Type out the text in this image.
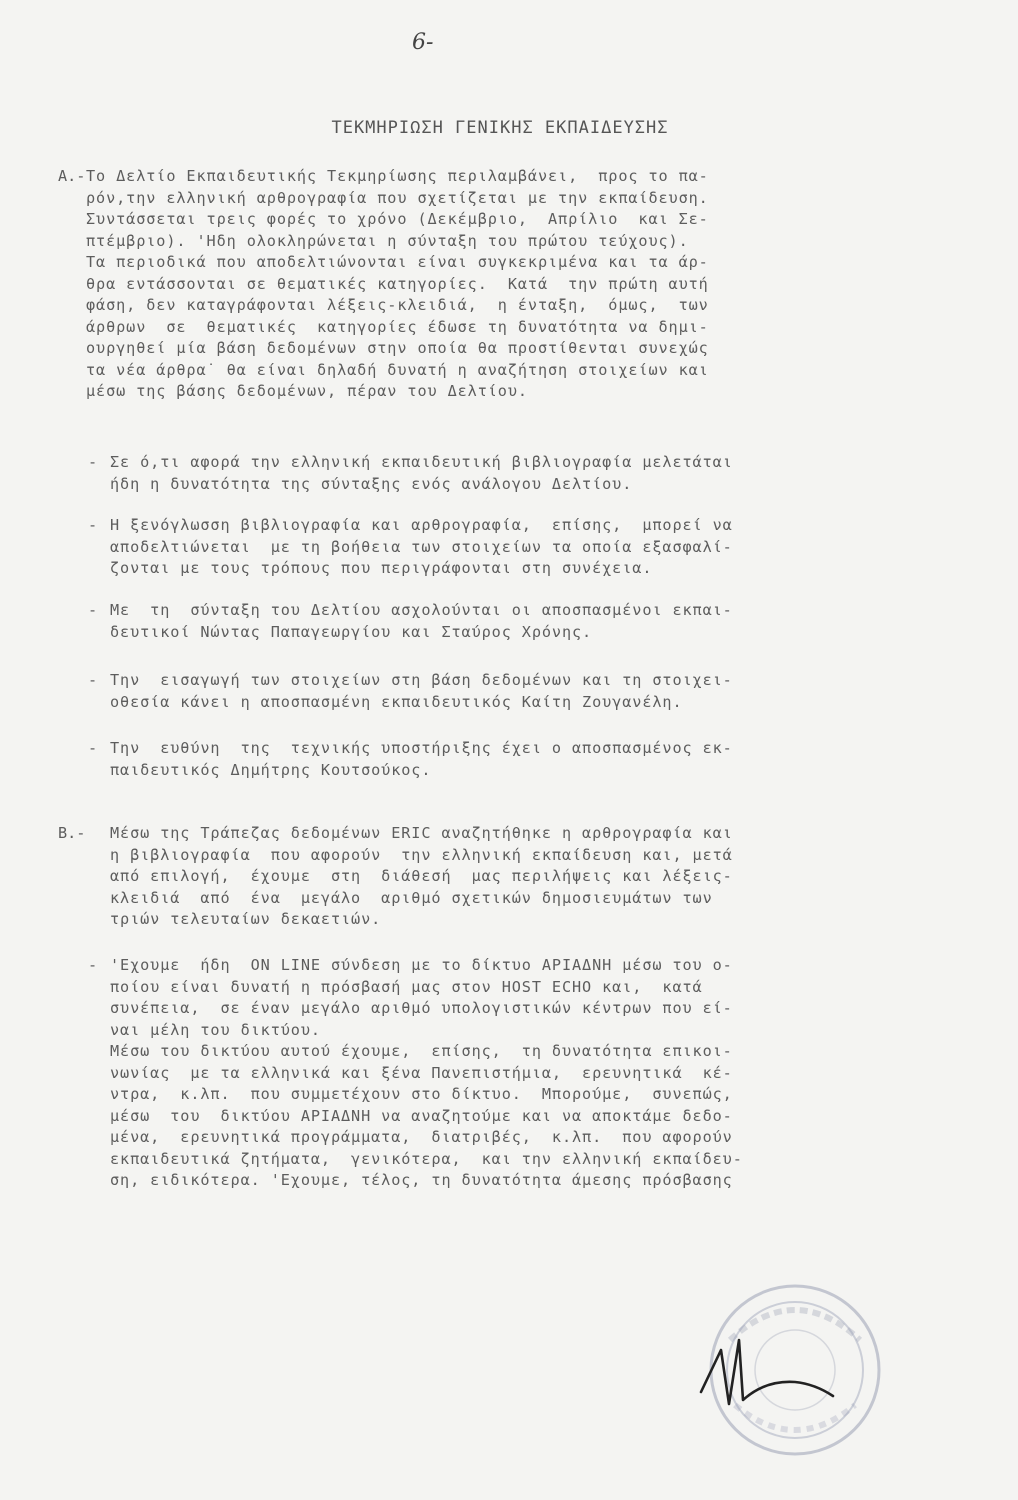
6-
ΤΕΚΜΗΡΙΩΣΗ ΓΕΝΙΚΗΣ ΕΚΠΑΙΔΕΥΣΗΣ
Α.- Το Δελτίο Εκπαιδευτικής Τεκμηρίωσης περιλαμβάνει,  προς το πα-
ρόν,την ελληνική αρθρογραφία που σχετίζεται με την εκπαίδευση.
Συντάσσεται τρεις φορές το χρόνο (Δεκέμβριο,  Απρίλιο  και Σε-
πτέμβριο). 'Ηδη ολοκληρώνεται η σύνταξη του πρώτου τεύχους).
Τα περιοδικά που αποδελτιώνονται είναι συγκεκριμένα και τα άρ-
θρα εντάσσονται σε θεματικές κατηγορίες.  Κατά  την πρώτη αυτή
φάση, δεν καταγράφονται λέξεις-κλειδιά,  η ένταξη,  όμως,  των
άρθρων  σε  θεματικές  κατηγορίες έδωσε τη δυνατότητα να δημι-
ουργηθεί μία βάση δεδομένων στην οποία θα προστίθενται συνεχώς
τα νέα άρθρα˙ θα είναι δηλαδή δυνατή η αναζήτηση στοιχείων και
μέσω της βάσης δεδομένων, πέραν του Δελτίου.
- Σε ό,τι αφορά την ελληνική εκπαιδευτική βιβλιογραφία μελετάται
ήδη η δυνατότητα της σύνταξης ενός ανάλογου Δελτίου.
- Η ξενόγλωσση βιβλιογραφία και αρθρογραφία,  επίσης,  μπορεί να
αποδελτιώνεται  με τη βοήθεια των στοιχείων τα οποία εξασφαλί-
ζονται με τους τρόπους που περιγράφονται στη συνέχεια.
- Με  τη  σύνταξη του Δελτίου ασχολούνται οι αποσπασμένοι εκπαι-
δευτικοί Νώντας Παπαγεωργίου και Σταύρος Χρόνης.
- Την  εισαγωγή των στοιχείων στη βάση δεδομένων και τη στοιχει-
οθεσία κάνει η αποσπασμένη εκπαιδευτικός Καίτη Ζουγανέλη.
- Την  ευθύνη  της  τεχνικής υποστήριξης έχει ο αποσπασμένος εκ-
παιδευτικός Δημήτρης Κουτσούκος.
Β.- Μέσω της Τράπεζας δεδομένων ERIC αναζητήθηκε η αρθρογραφία και
η βιβλιογραφία  που αφορούν  την ελληνική εκπαίδευση και, μετά
από επιλογή,  έχουμε  στη  διάθεσή  μας περιλήψεις και λέξεις-
κλειδιά  από  ένα  μεγάλο  αριθμό σχετικών δημοσιευμάτων των
τριών τελευταίων δεκαετιών.
- 'Εχουμε  ήδη  ON LINE σύνδεση με το δίκτυο ΑΡΙΑΔΝΗ μέσω του ο-
ποίου είναι δυνατή η πρόσβασή μας στον HOST ECHO και,  κατά
συνέπεια,  σε έναν μεγάλο αριθμό υπολογιστικών κέντρων που εί-
ναι μέλη του δικτύου.
Μέσω του δικτύου αυτού έχουμε,  επίσης,  τη δυνατότητα επικοι-
νωνίας  με τα ελληνικά και ξένα Πανεπιστήμια,  ερευνητικά  κέ-
ντρα,  κ.λπ.  που συμμετέχουν στο δίκτυο.  Μπορούμε,  συνεπώς,
μέσω  του  δικτύου ΑΡΙΑΔΝΗ να αναζητούμε και να αποκτάμε δεδο-
μένα,  ερευνητικά προγράμματα,  διατριβές,  κ.λπ.  που αφορούν
εκπαιδευτικά ζητήματα,  γενικότερα,  και την ελληνική εκπαίδευ-
ση, ειδικότερα. 'Εχουμε, τέλος, τη δυνατότητα άμεσης πρόσβασης
